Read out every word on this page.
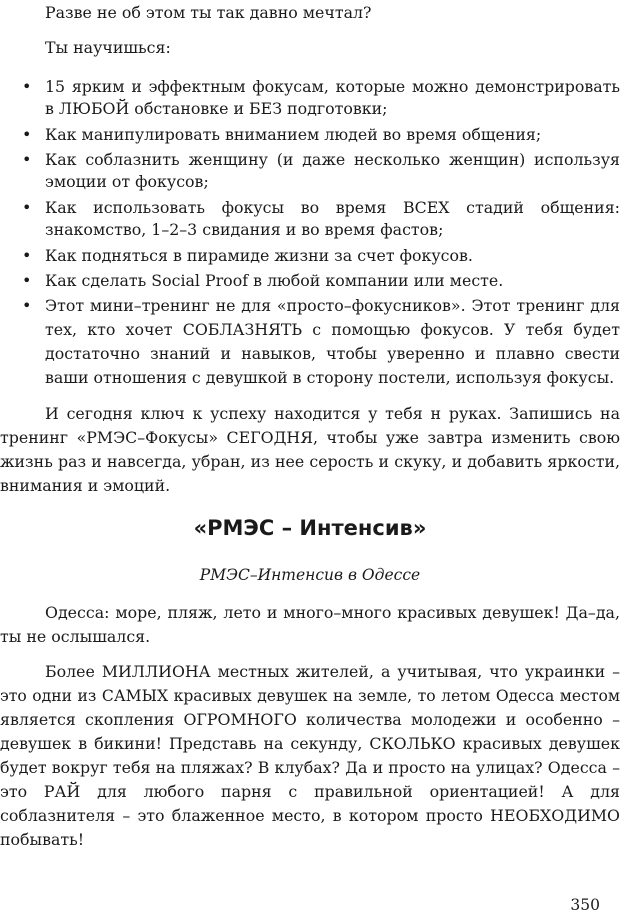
Разве не об этом ты так давно мечтал?
Ты научишься:
• 15 ярким и эффектным фокусам, которые можно демонстрировать
в ЛЮБОЙ обстановке и БЕЗ подготовки;
• Как манипулировать вниманием людей во время общения;
• Как соблазнить женщину (и даже несколько женщин) используя
эмоции от фокусов;
• Как использовать фокусы во время ВСЕХ стадий общения:
знакомство, 1–2–3 свидания и во время фастов;
• Как подняться в пирамиде жизни за счет фокусов.
• Как сделать Social Proof в любой компании или месте.
• Этот мини–тренинг не для «просто–фокусников». Этот тренинг для
тех, кто хочет СОБЛАЗНЯТЬ с помощью фокусов. У тебя будет
достаточно знаний и навыков, чтобы уверенно и плавно свести
ваши отношения с девушкой в сторону постели, используя фокусы.
И сегодня ключ к успеху находится у тебя н руках. Запишись на
тренинг «РМЭС–Фокусы» СЕГОДНЯ, чтобы уже завтра изменить свою
жизнь раз и навсегда, убран, из нее серость и скуку, и добавить яркости,
внимания и эмоций.
«РМЭС – Интенсив»
РМЭС–Интенсив в Одессе
Одесса: море, пляж, лето и много–много красивых девушек! Да–да,
ты не ослышался.
Более МИЛЛИОНА местных жителей, а учитывая, что украинки –
это одни из САМЫХ красивых девушек на земле, то летом Одесса местом
является скопления ОГРОМНОГО количества молодежи и особенно –
девушек в бикини! Представь на секунду, СКОЛЬКО красивых девушек
будет вокруг тебя на пляжах? В клубах? Да и просто на улицах? Одесса –
это РАЙ для любого парня с правильной ориентацией! А для
соблазнителя – это блаженное место, в котором просто НЕОБХОДИМО
побывать!
350
